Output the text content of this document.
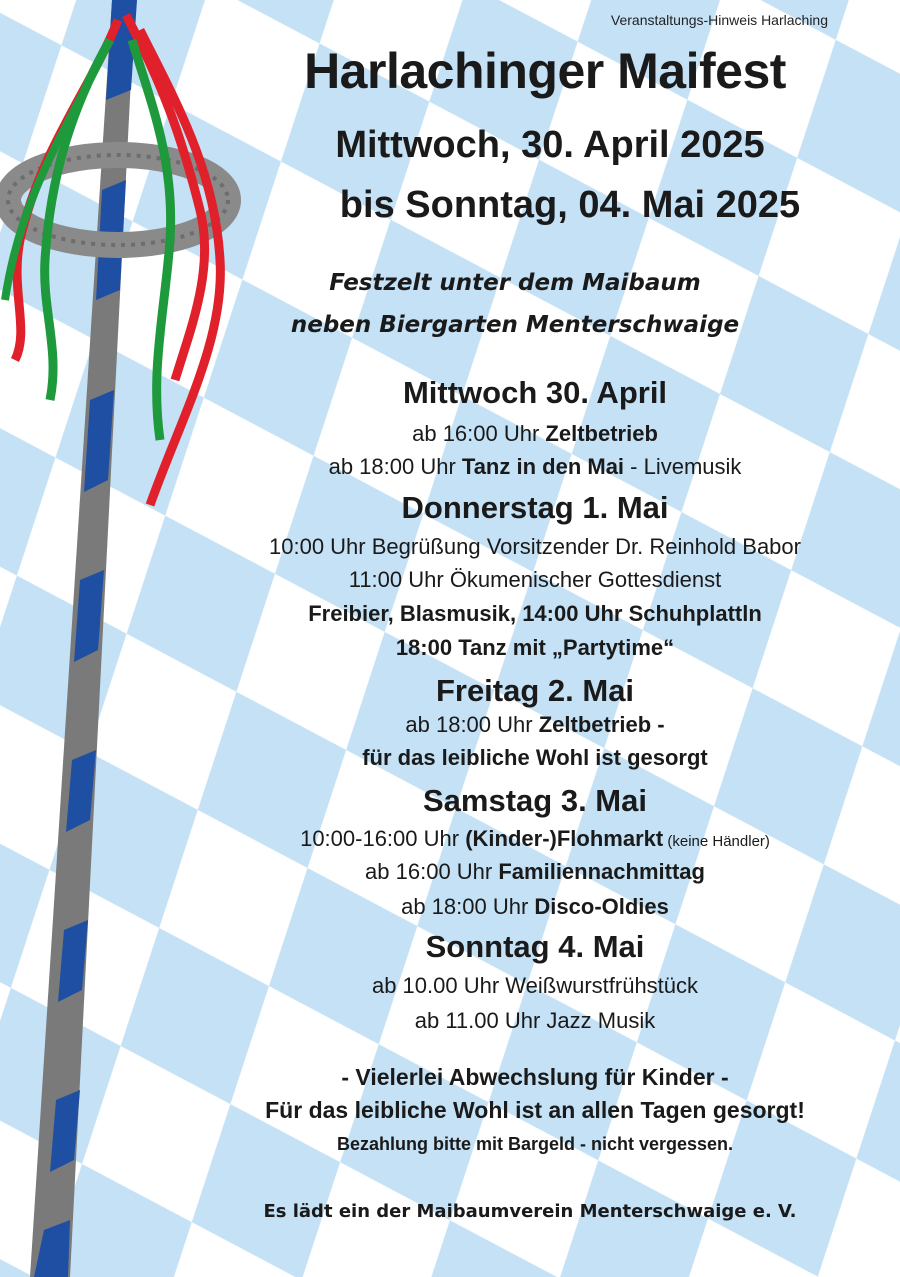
Veranstaltungs-Hinweis Harlaching
Harlachinger Maifest
Mittwoch, 30. April 2025
bis Sonntag, 04. Mai 2025
Festzelt unter dem Maibaum
neben Biergarten Menterschwaige
Mittwoch 30. April
ab 16:00 Uhr Zeltbetrieb
ab 18:00 Uhr Tanz in den Mai - Livemusik
Donnerstag 1. Mai
10:00 Uhr Begrüßung Vorsitzender Dr. Reinhold Babor
11:00 Uhr Ökumenischer Gottesdienst
Freibier, Blasmusik, 14:00 Uhr Schuhplattln
18:00 Tanz mit „Partytime“
Freitag 2. Mai
ab 18:00 Uhr Zeltbetrieb -
für das leibliche Wohl ist gesorgt
Samstag 3. Mai
10:00-16:00 Uhr (Kinder-)Flohmarkt (keine Händler)
ab 16:00 Uhr Familiennachmittag
ab 18:00 Uhr Disco-Oldies
Sonntag 4. Mai
ab 10.00 Uhr Weißwurstfrühstück
ab 11.00 Uhr Jazz Musik
- Vielerlei Abwechslung für Kinder -
Für das leibliche Wohl ist an allen Tagen gesorgt!
Bezahlung bitte mit Bargeld - nicht vergessen.
Es lädt ein der Maibaumverein Menterschwaige e. V.
